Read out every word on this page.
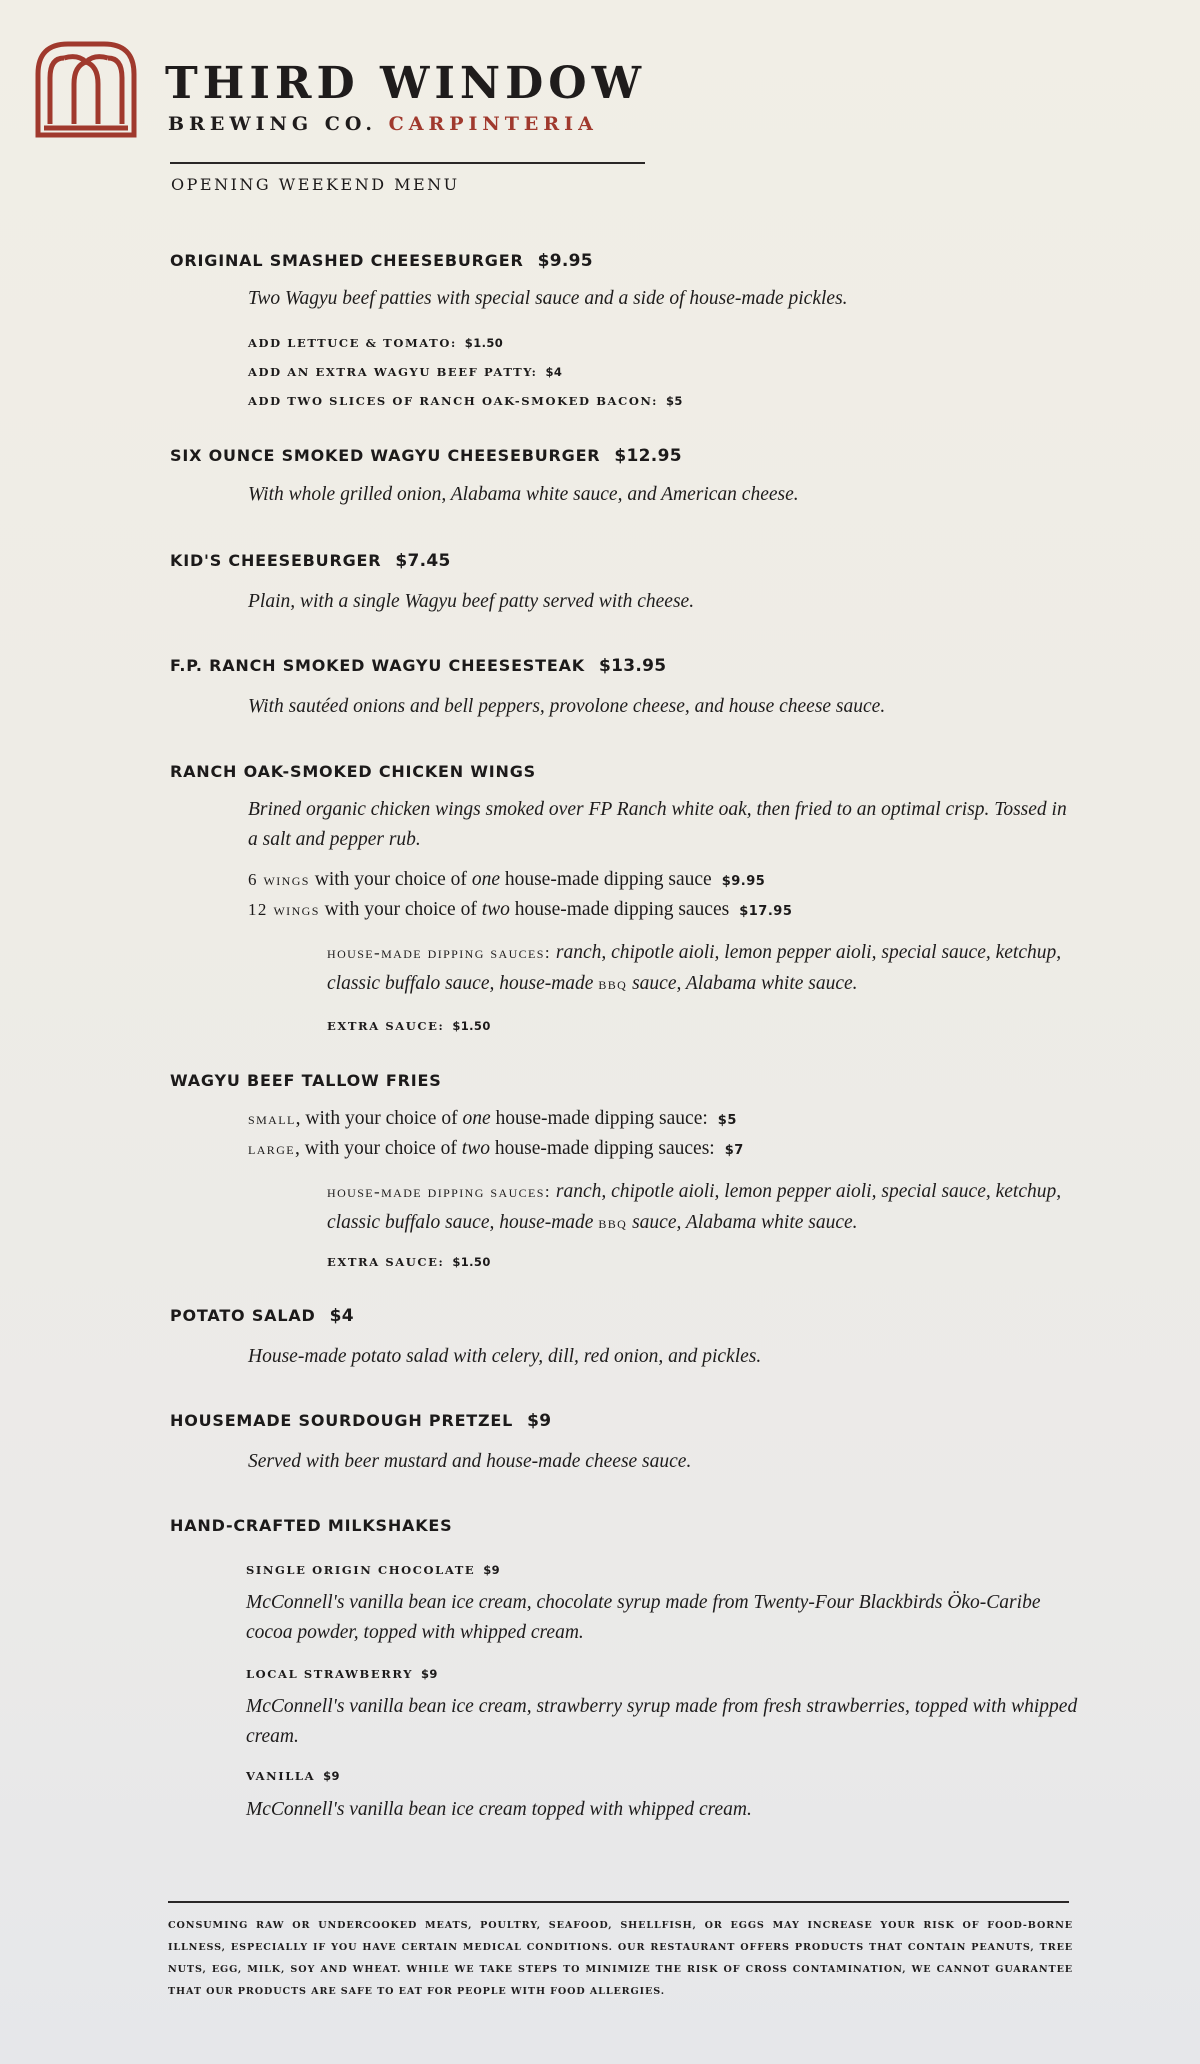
THIRD WINDOW
BREWING CO. CARPINTERIA
OPENING WEEKEND MENU
ORIGINAL SMASHED CHEESEBURGER $9.95
Two Wagyu beef patties with special sauce and a side of house-made pickles.
ADD LETTUCE & TOMATO: $1.50
ADD AN EXTRA WAGYU BEEF PATTY: $4
ADD TWO SLICES OF RANCH OAK-SMOKED BACON: $5
SIX OUNCE SMOKED WAGYU CHEESEBURGER $12.95
With whole grilled onion, Alabama white sauce, and American cheese.
KID'S CHEESEBURGER $7.45
Plain, with a single Wagyu beef patty served with cheese.
F.P. RANCH SMOKED WAGYU CHEESESTEAK $13.95
With sautéed onions and bell peppers, provolone cheese, and house cheese sauce.
RANCH OAK-SMOKED CHICKEN WINGS
Brined organic chicken wings smoked over FP Ranch white oak, then fried to an optimal crisp. Tossed in a salt and pepper rub.
6 wings with your choice of one house-made dipping sauce $9.95
12 wings with your choice of two house-made dipping sauces $17.95
house-made dipping sauces: ranch, chipotle aioli, lemon pepper aioli, special sauce, ketchup, classic buffalo sauce, house-made bbq sauce, Alabama white sauce.
EXTRA SAUCE: $1.50
WAGYU BEEF TALLOW FRIES
small, with your choice of one house-made dipping sauce: $5
large, with your choice of two house-made dipping sauces: $7
house-made dipping sauces: ranch, chipotle aioli, lemon pepper aioli, special sauce, ketchup, classic buffalo sauce, house-made bbq sauce, Alabama white sauce.
EXTRA SAUCE: $1.50
POTATO SALAD $4
House-made potato salad with celery, dill, red onion, and pickles.
HOUSEMADE SOURDOUGH PRETZEL $9
Served with beer mustard and house-made cheese sauce.
HAND-CRAFTED MILKSHAKES
SINGLE ORIGIN CHOCOLATE $9
McConnell's vanilla bean ice cream, chocolate syrup made from Twenty-Four Blackbirds Öko-Caribe cocoa powder, topped with whipped cream.
LOCAL STRAWBERRY $9
McConnell's vanilla bean ice cream, strawberry syrup made from fresh strawberries, topped with whipped cream.
VANILLA $9
McConnell's vanilla bean ice cream topped with whipped cream.
CONSUMING RAW OR UNDERCOOKED MEATS, POULTRY, SEAFOOD, SHELLFISH, OR EGGS MAY INCREASE YOUR RISK OF FOOD-BORNE ILLNESS, ESPECIALLY IF YOU HAVE CERTAIN MEDICAL CONDITIONS. OUR RESTAURANT OFFERS PRODUCTS THAT CONTAIN PEANUTS, TREE NUTS, EGG, MILK, SOY AND WHEAT. WHILE WE TAKE STEPS TO MINIMIZE THE RISK OF CROSS CONTAMINATION, WE CANNOT GUARANTEE THAT OUR PRODUCTS ARE SAFE TO EAT FOR PEOPLE WITH FOOD ALLERGIES.
